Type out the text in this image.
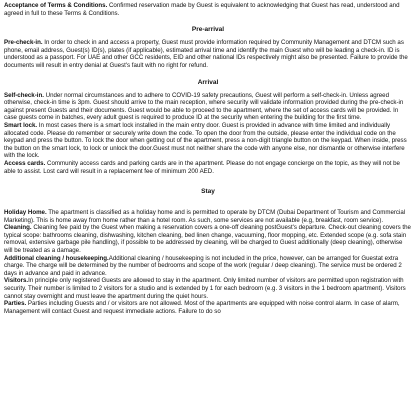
Acceptance of Terms & Conditions. Confirmed reservation made by Guest is equivalent to acknowledging that Guest has read, understood and agreed in full to these Terms & Conditions.

Pre-arrival

Pre-check-in. In order to check in and access a property, Guest must provide information required by Community Management and DTCM such as phone, email address, Guest(s) ID(s), plates (if applicable), estimated arrival time and identify the main Guest who will be leading a check-in. ID is understood as a passport. For UAE and other GCC residents, EID and other national IDs respectively might also be presented. Failure to provide the documents will result in entry denial at Guest's fault with no right for refund.

Arrival

Self-check-in. Under normal circumstances and to adhere to COVID-19 safety precautions, Guest will perform a self-check-in. Unless agreed otherwise, check-in time is 3pm. Guest should arrive to the main reception, where security will validate information provided during the pre-check-in against present Guests and their documents. Guest would be able to proceed to the apartment, where the set of access cards will be provided. In case guests come in batches, every adult guest is required to produce ID at the security when entering the building for the first time.

Smart lock. In most cases there is a smart lock installed in the main entry door. Guest is provided in advance with time limited and individually allocated code. Please do remember or securely write down the code. To open the door from the outside, please enter the individual code on the keypad and press the button. To lock the door when getting out of the apartment, press a non-digit triangle button on the keypad. When inside, press the button on the smart lock, to lock or unlock the door.Guest must not neither share the code with anyone else, nor dismantle or otherwise interfere with the lock.

Access cards. Community access cards and parking cards are in the apartment. Please do not engage concierge on the topic, as they will not be able to assist. Lost card will result in a replacement fee of minimum 200 AED.

Stay

Holiday Home. The apartment is classified as a holiday home and is permitted to operate by DTCM (Dubai Department of Tourism and Commercial Marketing). This is home away from home rather than a hotel room. As such, some services are not available (e.g, breakfast, room service).

Cleaning. Cleaning fee paid by the Guest when making a reservation covers a one-off cleaning postGuest's departure. Check-out cleaning covers the typical scope: bathrooms cleaning, dishwashing, kitchen cleaning, bed linen change, vacuuming, floor mopping, etc. Extended scope (e.g. sofa stain removal, extensive garbage pile handling), if possible to be addressed by cleaning, will be charged to Guest additionally (deep cleaning), otherwise will be treated as a damage.

Additional cleaning / housekeeping.Additional cleaning / housekeeping is not included in the price, however, can be arranged for Guestat extra charge. The charge will be determined by the number of bedrooms and scope of the work (regular / deep cleaning). The service must be ordered 2 days in advance and paid in advance.

Visitors.In principle only registered Guests are allowed to stay in the apartment. Only limited number of visitors are permitted upon registration with security. Their number is limited to 2 visitors for a studio and is extended by 1 for each bedroom (e.g. 3 visitors in the 1 bedroom apartment). Visitors cannot stay overnight and must leave the apartment during the quiet hours.

Parties. Parties including Guests and / or visitors are not allowed. Most of the apartments are equipped with noise control alarm. In case of alarm, Management will contact Guest and request immediate actions. Failure to do so
